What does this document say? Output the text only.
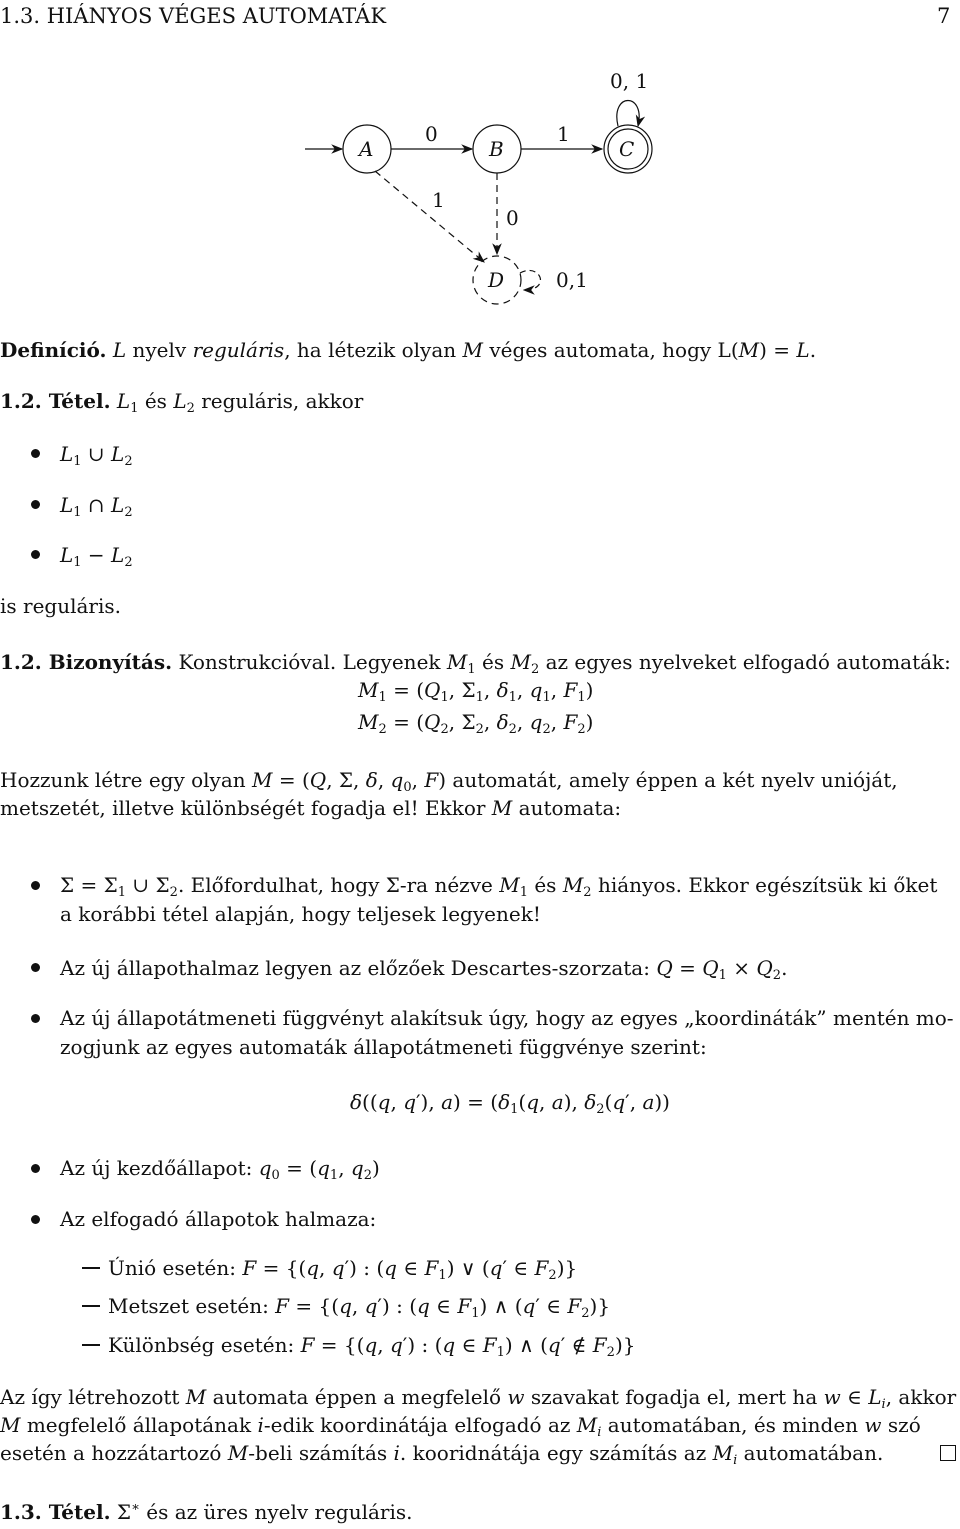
1.3. HIÁNYOS VÉGES AUTOMATÁK	7
A
0
B
1
C
0, 1
1
0
D	0,1
Definíció. L nyelv reguláris, ha létezik olyan M véges automata, hogy L(M) = L.
1.2. Tétel. $L_1$ és $L_2$ reguláris, akkor
$L_1$ ∪ $L_2$
$L_1$ ∩ $L_2$
$L_1 - L_2$
is reguláris.
1.2. Bizonyítás. Konstrukcióval. Legyenek $M_1$ és $M_2$ az egyes nyelveket elfogadó automaták:
$M_1 = (Q_1$, $\Sigma_1$, $\delta_1$, $q_1$, $F_1$)
$M_2 = (Q_2$, $\Sigma_2$, $\delta_2$, $q_2$, $F_2$)
Hozzunk létre egy olyan M = (Q, Σ, δ, $q_0$, F) automatát, amely éppen a két nyelv unióját,
metszetét, illetve különbségét fogadja el! Ekkor M automata:
$\Sigma = \Sigma_1$ ∪ $\Sigma_2$. Előfordulhat, hogy Σ-ra nézve $M_1$ és $M_2$ hiányos. Ekkor egészítsük ki őket
a korábbi tétel alapján, hogy teljesek legyenek!
Az új állapothalmaz legyen az előzőek Descartes-szorzata: $Q = Q_1 \times Q_2$.
Az új állapotátmeneti függvényt alakítsuk úgy, hogy az egyes „koordináták” mentén mo-
zogjunk az egyes automaták állapotátmeneti függvénye szerint:
δ((q, q′), $a) = (\delta_1(q$, a), $\delta_2(q'$, a))
Az új kezdőállapot: $q_0 = (q_1$, $q_2$)
Az elfogadó állapotok halmaza:
Únió esetén: F = {(q, q′) : (q ∈ $F_1$) ∨ (q′ ∈ $F_2$)}
Metszet esetén: F = {(q, q′) : (q ∈ $F_1$) ∧ (q′ ∈ $F_2$)}
Különbség esetén: F = {(q, q′) : (q ∈ $F_1$) ∧ (q′ ∉ $F_2$)}
Az így létrehozott M automata éppen a megfelelő w szavakat fogadja el, mert ha w ∈ $L_i$, akkor
M megfelelő állapotának i-edik koordinátája elfogadó az $M_i$ automatában, és minden w szó
esetén a hozzátartozó M-beli számítás i. kooridnátája egy számítás az $M_i$ automatában.
1.3. Tétel. Σ∗ és az üres nyelv reguláris.
